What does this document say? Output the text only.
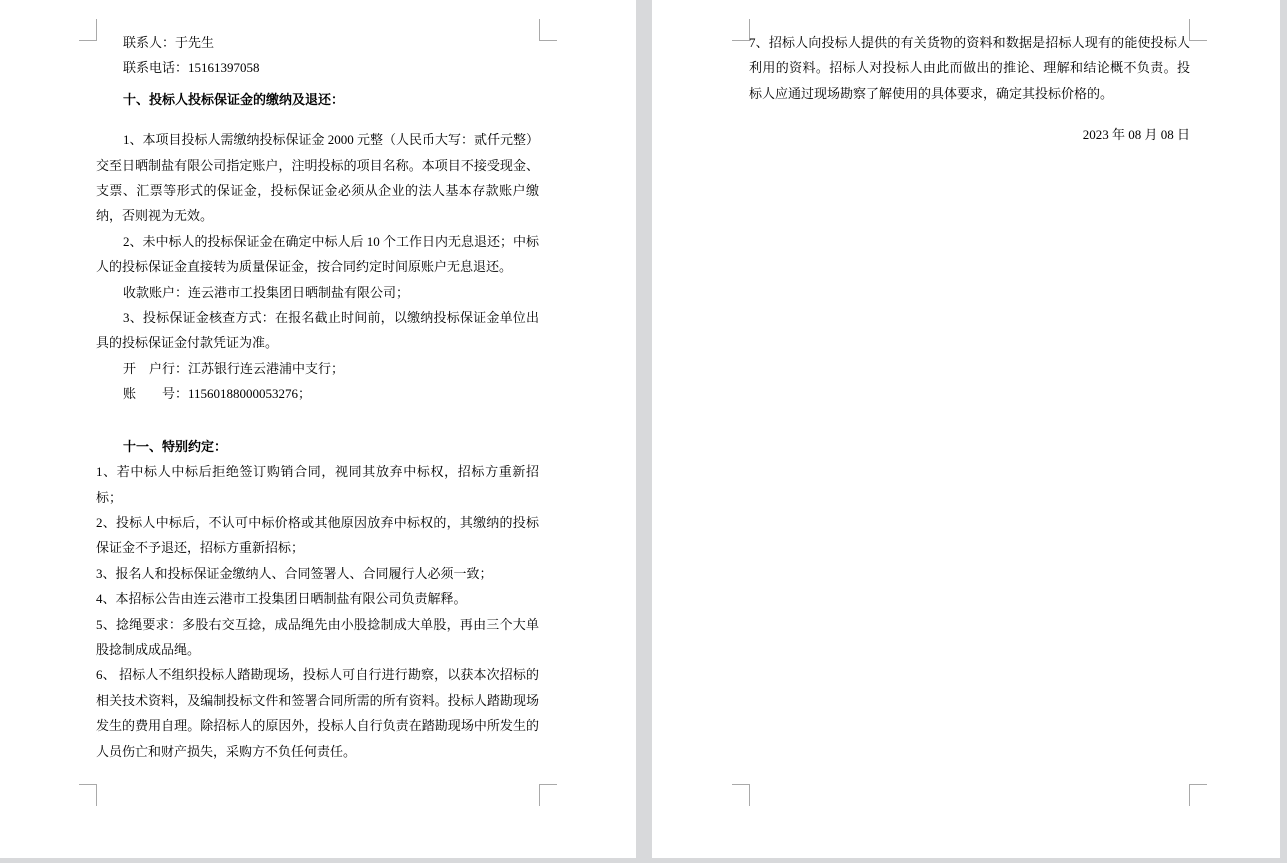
联系人：于先生

联系电话：15161397058

十、投标人投标保证金的缴纳及退还：

1、本项目投标人需缴纳投标保证金 2000 元整（人民币大写：贰仟元整）交至日晒制盐有限公司指定账户，注明投标的项目名称。本项目不接受现金、支票、汇票等形式的保证金，投标保证金必须从企业的法人基本存款账户缴纳，否则视为无效。

2、未中标人的投标保证金在确定中标人后 10 个工作日内无息退还；中标人的投标保证金直接转为质量保证金，按合同约定时间原账户无息退还。

收款账户：连云港市工投集团日晒制盐有限公司；

3、投标保证金核查方式：在报名截止时间前，以缴纳投标保证金单位出具的投标保证金付款凭证为准。

开　户行：江苏银行连云港浦中支行；

账　　号：11560188000053276；

十一、特别约定：

1、若中标人中标后拒绝签订购销合同，视同其放弃中标权，招标方重新招标；

2、投标人中标后，不认可中标价格或其他原因放弃中标权的，其缴纳的投标保证金不予退还，招标方重新招标；

3、报名人和投标保证金缴纳人、合同签署人、合同履行人必须一致；

4、本招标公告由连云港市工投集团日晒制盐有限公司负责解释。

5、捻绳要求：多股右交互捻，成品绳先由小股捻制成大单股，再由三个大单股捻制成成品绳。

6、 招标人不组织投标人踏勘现场，投标人可自行进行勘察，以获本次招标的相关技术资料，及编制投标文件和签署合同所需的所有资料。投标人踏勘现场发生的费用自理。除招标人的原因外，投标人自行负责在踏勘现场中所发生的人员伤亡和财产损失，采购方不负任何责任。

7、招标人向投标人提供的有关货物的资料和数据是招标人现有的能使投标人利用的资料。招标人对投标人由此而做出的推论、理解和结论概不负责。投标人应通过现场勘察了解使用的具体要求，确定其投标价格的。

2023 年 08 月 08 日
